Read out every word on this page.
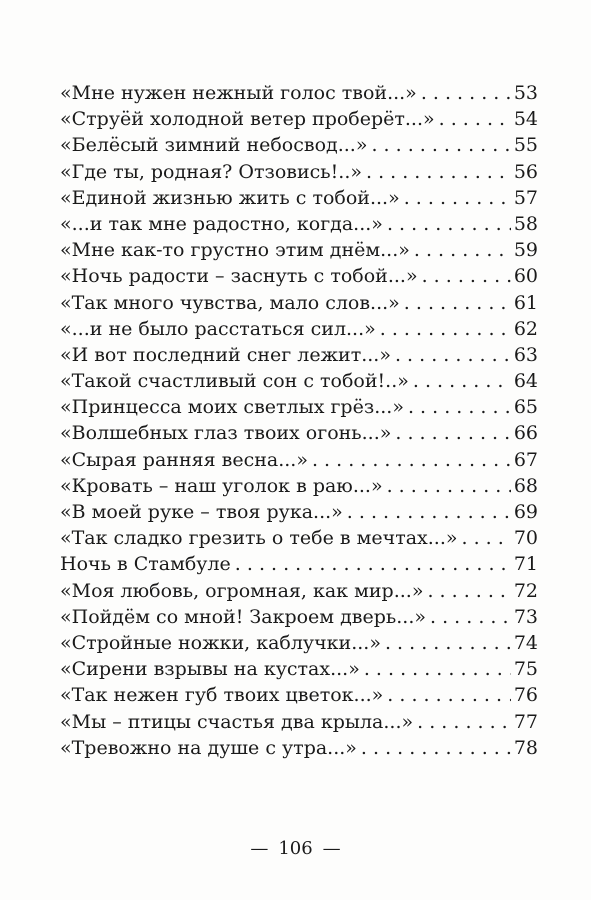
«Мне нужен нежный голос твой...» . . .	53
«Струёй холодной ветер проберёт...» . . .	54
«Белёсый зимний небосвод...» . . .	55
«Где ты, родная? Отзовись!..» . . .	56
«Единой жизнью жить с тобой...» . . .	57
«...и так мне радостно, когда...» . . .	58
«Мне как-то грустно этим днём...» . . .	59
«Ночь радости – заснуть с тобой...» . . .	60
«Так много чувства, мало слов...» . . .	61
«...и не было расстаться сил...» . . .	62
«И вот последний снег лежит...» . . .	63
«Такой счастливый сон с тобой!..» . . .	64
«Принцесса моих светлых грёз...» . . .	65
«Волшебных глаз твоих огонь...» . . .	66
«Сырая ранняя весна...» . . .	67
«Кровать – наш уголок в раю...» . . .	68
«В моей руке – твоя рука...» . . .	69
«Так сладко грезить о тебе в мечтах...» . . .	70
Ночь в Стамбуле . . .	71
«Моя любовь, огромная, как мир...» . . .	72
«Пойдём со мной! Закроем дверь...» . . .	73
«Стройные ножки, каблучки...» . . .	74
«Сирени взрывы на кустах...» . . .	75
«Так нежен губ твоих цветок...» . . .	76
«Мы – птицы счастья два крыла...» . . .	77
«Тревожно на душе с утра...» . . .	78
— 106 —
